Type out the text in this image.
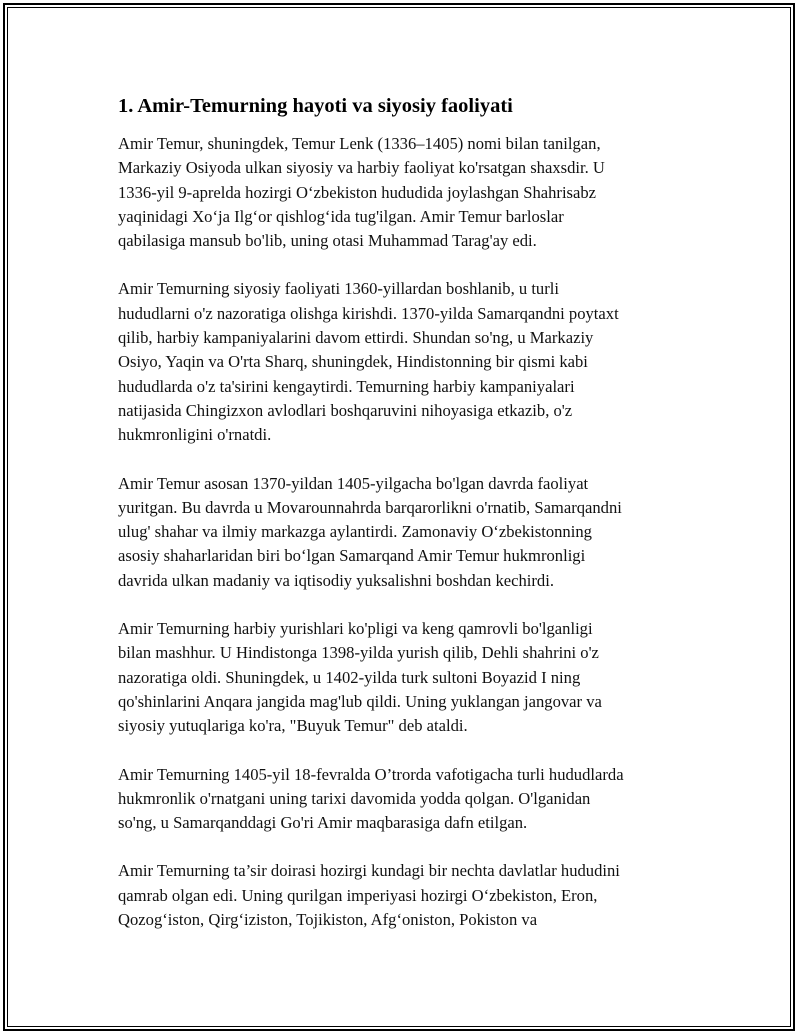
1. Amir-Temurning hayoti va siyosiy faoliyati
Amir Temur, shuningdek, Temur Lenk (1336–1405) nomi bilan tanilgan,
Markaziy Osiyoda ulkan siyosiy va harbiy faoliyat ko'rsatgan shaxsdir. U
1336-yil 9-aprelda hozirgi O‘zbekiston hududida joylashgan Shahrisabz
yaqinidagi Xo‘ja Ilg‘or qishlog‘ida tug'ilgan. Amir Temur barloslar
qabilasiga mansub bo'lib, uning otasi Muhammad Tarag'ay edi.
Amir Temurning siyosiy faoliyati 1360-yillardan boshlanib, u turli
hududlarni o'z nazoratiga olishga kirishdi. 1370-yilda Samarqandni poytaxt
qilib, harbiy kampaniyalarini davom ettirdi. Shundan so'ng, u Markaziy
Osiyo, Yaqin va O'rta Sharq, shuningdek, Hindistonning bir qismi kabi
hududlarda o'z ta'sirini kengaytirdi. Temurning harbiy kampaniyalari
natijasida Chingizxon avlodlari boshqaruvini nihoyasiga etkazib, o'z
hukmronligini o'rnatdi.
Amir Temur asosan 1370-yildan 1405-yilgacha bo'lgan davrda faoliyat
yuritgan. Bu davrda u Movarounnahrda barqarorlikni o'rnatib, Samarqandni
ulug' shahar va ilmiy markazga aylantirdi. Zamonaviy O‘zbekistonning
asosiy shaharlaridan biri bo‘lgan Samarqand Amir Temur hukmronligi
davrida ulkan madaniy va iqtisodiy yuksalishni boshdan kechirdi.
Amir Temurning harbiy yurishlari ko'pligi va keng qamrovli bo'lganligi
bilan mashhur. U Hindistonga 1398-yilda yurish qilib, Dehli shahrini o'z
nazoratiga oldi. Shuningdek, u 1402-yilda turk sultoni Boyazid I ning
qo'shinlarini Anqara jangida mag'lub qildi. Uning yuklangan jangovar va
siyosiy yutuqlariga ko'ra, "Buyuk Temur" deb ataldi.
Amir Temurning 1405-yil 18-fevralda O’trorda vafotigacha turli hududlarda
hukmronlik o'rnatgani uning tarixi davomida yodda qolgan. O'lganidan
so'ng, u Samarqanddagi Go'ri Amir maqbarasiga dafn etilgan.
Amir Temurning ta’sir doirasi hozirgi kundagi bir nechta davlatlar hududini
qamrab olgan edi. Uning qurilgan imperiyasi hozirgi O‘zbekiston, Eron,
Qozog‘iston, Qirg‘iziston, Tojikiston, Afg‘oniston, Pokiston va
